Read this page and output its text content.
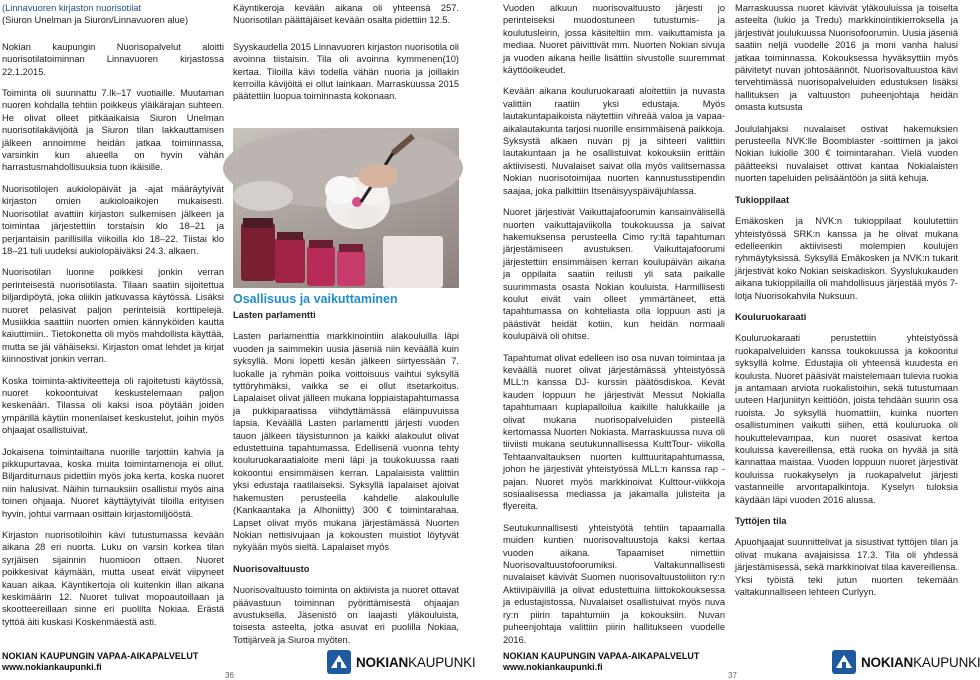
(Linnavuoren kirjaston nuorisotilat

(Siuron Unelman ja Siuron/Linnavuoren alue)

Nokian kaupungin Nuorisopalvelut aloitti nuorisotilatoiminnan Linnavuoren kirjastossa 22.1.2015.

Toiminta oli suunnattu 7.lk–17 vuotiaille. Muutaman nuoren kohdalla tehtiin poikkeus yläikärajan suhteen. He olivat olleet pitkäaikaisia Siuron Unelman nuorisotilakävijöitä ja Siuron tilan lakkauttamisen jälkeen annoimme heidän jatkaa toiminnassa, varsinkin kun alueella on hyvin vähän harrastusmahdollisuuksia tuon ikäisille.

Nuorisotilojen aukiolopäivät ja -ajat määräytyivät kirjaston omien aukioloaikojen mukaisesti. Nuorisotilat avattiin kirjaston sulkemisen jälkeen ja toimintaa järjestettiin torstaisin klo 18–21 ja perjantaisin parillisilla viikoilla klo 18–22. Tiistai klo 18–21 tuli uudeksi aukiolopäiväksi 24.3. alkaen.

Nuorisotilan luonne poikkesi jonkin verran perinteisestä nuorisotilasta. Tilaan saatiin sijoitettua biljardipöytä, joka oliikin jatkuvassa käytössä. Lisäksi nuoret pelasivat paljon perinteisiä korttipelejä. Musiikkia saattiin nuorten omien kännyköiden kautta kaiuttimiin.. Tietokonetta oli myös mahdollista käyttää, mutta se jäi vähäiseksi. Kirjaston omat lehdet ja kirjat kiinnostivat jonkin verran.

Koska toiminta-aktiviteetteja oli rajoitetusti käytössä, nuoret kokoontuivat keskustelemaan paljon keskenään. Tilassa oli kaksi isoa pöytään joiden ympärillä käytiin monenlaiset keskustelut, joihin myös ohjaajat osallistuivat.

Jokaisena toimintailtana nuorille tarjottiin kahvia ja pikkupurtavaa, koska muita toimintamenoja ei ollut. Biljarditurnaus pidettiin myös joka kerta, koska nuoret niin halusivat. Näihin turnauksiin osallistui myös aina toinen ohjaaja. Nuoret käyttäytyivät tiloilla erityisen hyvin, johtui varmaan osittain kirjastomiljööstä.

Kirjaston nuorisotiloihin kävi tutustumassa kevään aikana 28 eri nuorta. Luku on varsin korkea tilan syrjäisen sijainnin huomioon ottaen. Nuoret poikkesivat käymään, mutta useat eivät viipyneet kauan aikaa. Käyntikertoja oli kuitenkin illan aikana keskimäärin 12. Nuoret tulivat mopoautoillaan ja skootteereillaan sinne eri puolilta Nokiaa. Erästä tyttöä äiti kuskasi Koskenmäestä asti.

Käyntikeroja kevään aikana oli yhteensä 257. Nuorisotilan päättäjäiset kevään osalta pidettiin 12.5.

Syyskaudella 2015 Linnavuoren kirjaston nuorisotila oli avoinna tiistaisin. Tila oli avoinna kymmenen(10) kertaa. Tiloilla kävi todella vähän nuoria ja joillakin kerroilla kävijöitä ei ollut lainkaan. Marraskuussa 2015 päätettiin luopua toiminnasta kokonaan.

Osallisuus ja vaikuttaminen

Lasten parlamentti

Lasten parlamenttia markkinointiin alakouluilla läpi vuoden ja saimmekin uusia jäseniä niin keväällä kuin syksyllä. Moni lopetti kesän jälkeen siirtyessään 7. luokalle ja ryhmän poika voittoisuus vaihtui syksyllä tyttöryhmäksi, vaikka se ei ollut itsetarkoitus. Lapalaiset olivat jälleen mukana loppiaistapahtumassa ja pukkiparaatissa viihdyttämässä eläinpuvuissa lapsia. Keväällä Lasten parlamentti järjesti vuoden tauon jälkeen täysistunnon ja kaikki alakoulut olivat edustettuina tapahtumassa. Edellisenä vuonna tehty kouluruokaraatialoite meni läpi ja toukokuussa raati kokoontui ensimmäisen kerran. Lapalaisista valittiin yksi edustaja raatilaiseksi. Syksyllä lapalaiset ajoivat hakemusten perusteella kahdelle alakoululle (Kankaantaka ja Alhoniitty) 300 € toimintarahaa. Lapset olivat myös mukana järjestämässä Nuorten Nokian nettisivujaan ja kokousten muistiot löytyvät nykyään myös sieltä. Lapalaiset myös

Nuorisovaltuusto

Nuorisovaltuusto toiminta on aktiivista ja nuoret ottavat päävastuun toiminnan pyörittämisestä ohjaajan avustuksella. Jäsenistö on laajasti yläkouluista, toisesta asteelta, jotka asuvat eri puolilla Nokiaa, Tottijärveä ja Siuroa myöten.

Vuoden alkuun nuorisovaltuusto järjesti jo perinteiseksi muodostuneen tutustumis- ja koulutusleirin, jossa käsiteltiin mm. vaikuttamista ja mediaa. Nuoret päivittivät mm. Nuorten Nokian sivuja ja vuoden aikana heille lisättiin sivustolle suuremmat käyttöoikeudet.

Kevään aikana kouluruokaraati aloitettiin ja nuvasta valittiin raatiin yksi edustaja. Myös lautakuntapaikoista näytettiin vihreää valoa ja vapaa-aikalautakunta tarjosi nuorille ensimmäisenä paikkoja. Syksystä alkaen nuvan pj ja sihteeri valittiin lautakuntaan ja he osallistuivat kokouksiin erittäin aktiivisesti. Nuvalaiset saivat olla myös valitsemassa Nokian nuorisotoimijaa nuorten kannustusstipendin saajaa, joka palkittiin Itsenäisyyspäiväjuhlassa.

Nuoret järjestivät Vaikuttajafoorumin kansainvälisellä nuorten vaikuttajaviikolla toukokuussa ja saivat hakemuksensa perusteella Cimo ry:ltä tapahtuman järjestämiseen avustuksen. Vaikuttajafoorumi järjestettiin ensimmäisen kerran koulupäivän aikana ja oppilaita saatiin reilusti yli sata paikalle suurimmasta osasta Nokian kouluista. Harmillisesti koulut eivät vain olleet ymmärtäneet, että tapahtumassa on kohteliasta olla loppuun asti ja päästivät heidät kotiin, kun heidän normaali koulupäivä oli ohitse.

Tapahtumat olivat edelleen iso osa nuvan toimintaa ja keväällä nuoret olivat järjestämässä yhteistyössä MLL:n kanssa DJ- kurssin päätösdiskoa. Kevät kauden loppuun he järjestivät Messut Nokialla tapahtumaan kuplapalloilua kaikille halukkaille ja olivat mukana nuorisopalveluiden pisteellä kertomassa Nuorten Nokiasta. Marraskuussa nuva oli tiiviisti mukana seutukunnallisessa KulttTour- viikolla Tehtaanvaltauksen nuorten kulttuuritapahtumassa, johon he järjestivät yhteistyössä MLL:n kanssa rap -pajan. Nuoret myös markkinoivat Kulttour-viikkoja sosiaalisessa mediassa ja jakamalla julisteita ja flyereita.

Seutukunnallisesti yhteistyötä tehtiin tapaamalla muiden kuntien nuorisovaltuustoja kaksi kertaa vuoden aikana. Tapaamiset nimettiin Nuorisovaltuustofoorumiksi. Valtakunnallisesti nuvalaiset kävivät Suomen nuorisovaltuustoliiton ry:n Aktiivipäivillä ja olivat edustettuina liittokokouksessa ja edustajistossa. Nuvalaiset osallistuivat myös nuva ry:n piirin tapahtumiin ja kokouksiin. Nuvan puheenjohtaja valittiin piirin hallitukseen vuodelle 2016.

Marraskuussa nuoret kävivät yläkouluissa ja toiselta asteelta (lukio ja Tredu) markkinointikierroksella ja järjestivät joulukuussa Nuorisofoorumin. Uusia jäseniä saatiin neljä vuodelle 2016 ja moni vanha halusi jatkaa toiminnassa. Kokouksessa hyväksyttiin myös päivitetyt nuvan johtosäännöt. Nuorisovaltuustoa kävi tervehtimässä nuorisopalveluiden edustuksen lisäksi hallituksen ja valtuuston puheenjohtaja heidän omasta kutsusta

Joululahjaksi nuvalaiset ostivat hakemuksien perusteella NVK:lle Boomblaster -soittimen ja jakoi Nokian lukiolle 300 € toimintarahan. Vielä vuoden päätteeksi nuvalaiset ottivat kantaa Nokialaisten nuorten tapeluiden pelisääntöön ja siitä kehuja.

Tukioppilaat

Emäkosken ja NVK:n tukioppilaat koulutettiin yhteistyössä SRK:n kanssa ja he olivat mukana edelleenkin aktiivisesti molempien koulujen ryhmäytyksissä. Syksyllä Emäkosken ja NVK:n tukarit järjestivät koko Nokian seiskadiskon. Syyslukukauden aikana tukioppilailla oli mahdollisuus järjestää myös 7-lotja Nuorisokahvila Nuksuun.

Kouluruokaraati

Kouluruokaraati perustettiin yhteistyössä ruokapalveluiden kanssa toukokuussa ja kokoontui syksyllä kolme. Edustajia oli yhteensä kuudesta eri koulusta. Nuoret pääsivät maistelemaan tulevia ruokia ja antamaan arviota ruokalistoihin, sekä tutustumaan uuteen Harjuniityn keittiöön, joista tehdään suurin osa ruoista. Jo syksyllä huomattiin, kuinka nuorten osallistuminen vaikutti siihen, että kouluruoka oli houkuttelevampaa, kun nuoret osasivat kertoa kouluissa kavereillensa, että ruoka on hyvää ja sitä kannattaa maistaa. Vuoden loppuun nuoret järjestivät kouluissa ruokakyselyn ja ruokapalvelut järjesti vastanneille arvontapalkintoja. Kyselyn tuloksia käydään läpi vuoden 2016 alussa.

Tyttöjen tila

Apuohjaajat suunnittelivat ja sisustivat tyttöjen tilan ja olivat mukana avajaisissa 17.3. Tila oli yhdessä järjestämisessä, sekä markkinoivat tilaa kavereillensa. Yksi työistä teki jutun nuorten tekemään valtakunnalliseen lehteen Curlyyn.

NOKIAN KAUPUNGIN VAPAA-AIKAPALVELUT
www.nokiankaupunki.fi
36
NOKIANKAUPUNKI	NOKIAN KAUPUNGIN VAPAA-AIKAPALVELUT
www.nokiankaupunki.fi
37
NOKIANKAUPUNKI
